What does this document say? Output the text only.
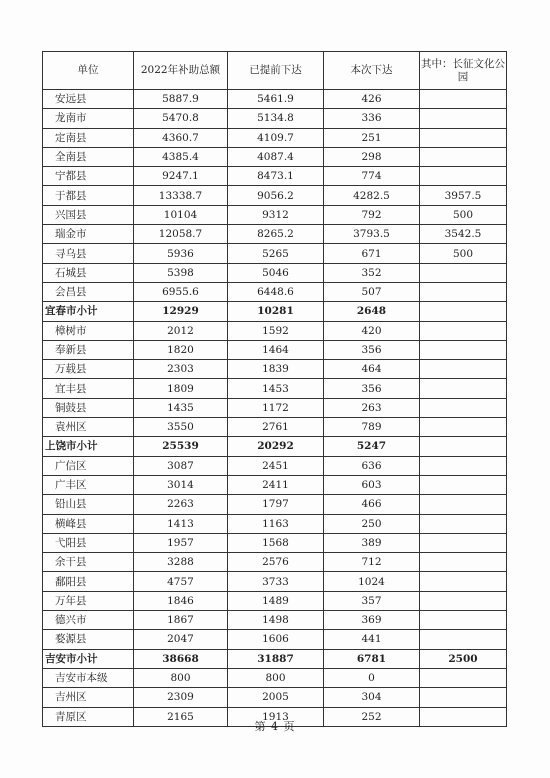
单位	2022年补助总额	已提前下达	本次下达	其中：长征文化公园
安远县	5887.9	5461.9	426	
龙南市	5470.8	5134.8	336	
定南县	4360.7	4109.7	251	
全南县	4385.4	4087.4	298	
宁都县	9247.1	8473.1	774	
于都县	13338.7	9056.2	4282.5	3957.5
兴国县	10104	9312	792	500
瑞金市	12058.7	8265.2	3793.5	3542.5
寻乌县	5936	5265	671	500
石城县	5398	5046	352	
会昌县	6955.6	6448.6	507	
宜春市小计	12929	10281	2648	
樟树市	2012	1592	420	
奉新县	1820	1464	356	
万载县	2303	1839	464	
宜丰县	1809	1453	356	
铜鼓县	1435	1172	263	
袁州区	3550	2761	789	
上饶市小计	25539	20292	5247	
广信区	3087	2451	636	
广丰区	3014	2411	603	
铅山县	2263	1797	466	
横峰县	1413	1163	250	
弋阳县	1957	1568	389	
余干县	3288	2576	712	
鄱阳县	4757	3733	1024	
万年县	1846	1489	357	
德兴市	1867	1498	369	
婺源县	2047	1606	441	
吉安市小计	38668	31887	6781	2500
吉安市本级	800	800	0	
吉州区	2309	2005	304	
青原区	2165	1913	252	
第 4 页
